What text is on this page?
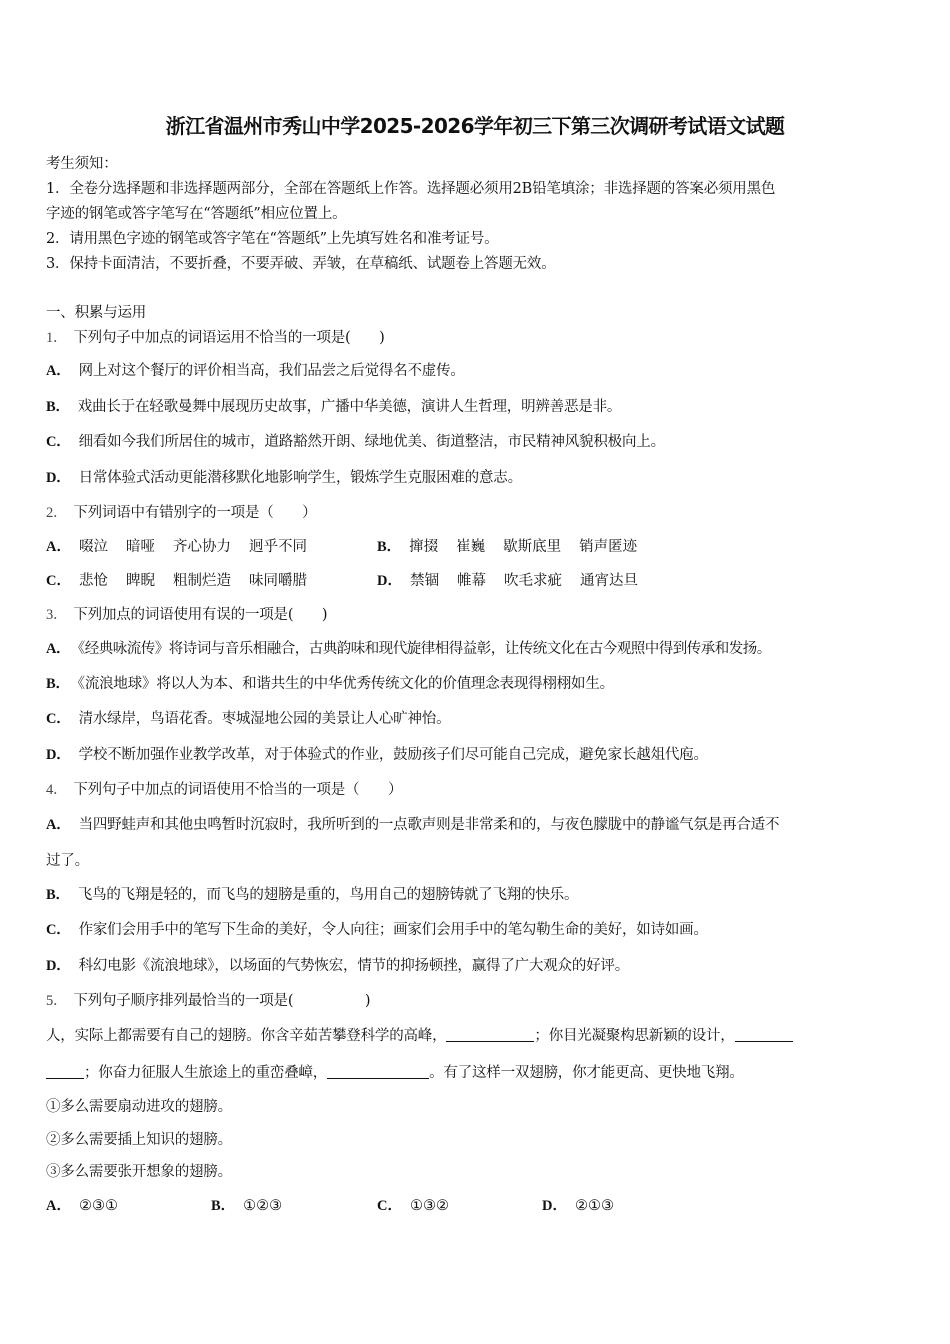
浙江省温州市秀山中学2025-2026学年初三下第三次调研考试语文试题
考生须知：
1．全卷分选择题和非选择题两部分，全部在答题纸上作答。选择题必须用2B铅笔填涂；非选择题的答案必须用黑色
字迹的钢笔或答字笔写在“答题纸”相应位置上。
2．请用黑色字迹的钢笔或答字笔在“答题纸”上先填写姓名和准考证号。
3．保持卡面清洁，不要折叠，不要弄破、弄皱，在草稿纸、试题卷上答题无效。
一、积累与运用
1． 下列句子中加点的词语运用不恰当的一项是(　　)
A． 网上对这个餐厅的评价相当高，我们品尝之后觉得名不虚传。
B． 戏曲长于在轻歌曼舞中展现历史故事，广播中华美德，演讲人生哲理，明辨善恶是非。
C． 细看如今我们所居住的城市，道路豁然开朗、绿地优美、街道整洁，市民精神风貌积极向上。
D． 日常体验式活动更能潜移默化地影响学生，锻炼学生克服困难的意志。
2． 下列词语中有错别字的一项是（　　）
A． 啜泣 暗哑 齐心协力 迥乎不同	B． 撺掇 崔巍 歇斯底里 销声匿迹
C． 悲怆 睥睨 粗制烂造 味同嚼腊	D． 禁锢 帷幕 吹毛求疵 通宵达旦
3． 下列加点的词语使用有误的一项是(　　)
A． 《经典咏流传》将诗词与音乐相融合，古典韵味和现代旋律相得益彰，让传统文化在古今观照中得到传承和发扬。
B． 《流浪地球》将以人为本、和谐共生的中华优秀传统文化的价值理念表现得栩栩如生。
C． 清水绿岸，鸟语花香。枣城湿地公园的美景让人心旷神怡。
D． 学校不断加强作业教学改革，对于体验式的作业，鼓励孩子们尽可能自己完成，避免家长越俎代庖。
4． 下列句子中加点的词语使用不恰当的一项是（　　）
A． 当四野蛙声和其他虫鸣暂时沉寂时，我所听到的一点歌声则是非常柔和的，与夜色朦胧中的静谧气氛是再合适不
过了。
B． 飞鸟的飞翔是轻的，而飞鸟的翅膀是重的，鸟用自己的翅膀铸就了飞翔的快乐。
C． 作家们会用手中的笔写下生命的美好，令人向往；画家们会用手中的笔勾勒生命的美好，如诗如画。
D． 科幻电影《流浪地球》，以场面的气势恢宏，情节的抑扬顿挫，赢得了广大观众的好评。
5． 下列句子顺序排列最恰当的一项是(　　　　　)
人，实际上都需要有自己的翅膀。你含辛茹苦攀登科学的高峰，	；你目光凝聚构思新颖的设计，
；你奋力征服人生旅途上的重峦叠嶂，	。有了这样一双翅膀，你才能更高、更快地飞翔。
①多么需要扇动进攻的翅膀。
②多么需要插上知识的翅膀。
③多么需要张开想象的翅膀。
A． ②③①	B． ①②③	C． ①③②	D． ②①③
